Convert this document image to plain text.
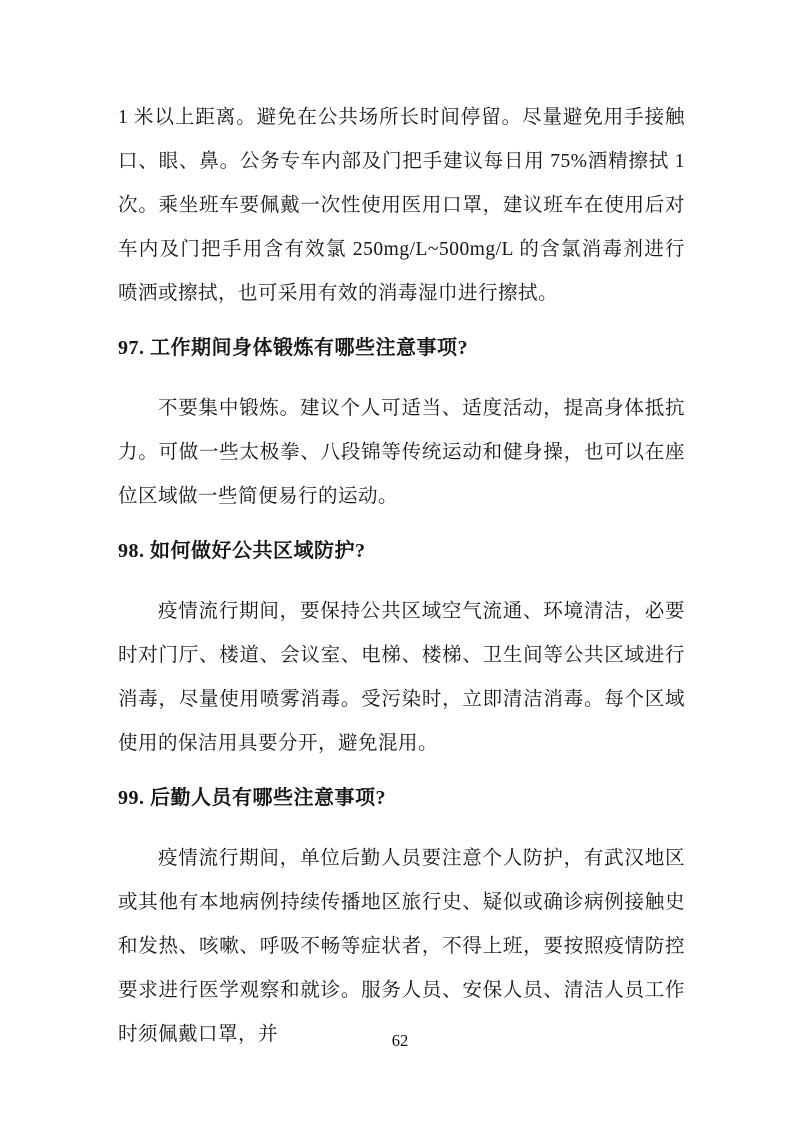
1 米以上距离。避免在公共场所长时间停留。尽量避免用手接触口、眼、鼻。公务专车内部及门把手建议每日用 75%酒精擦拭 1 次。乘坐班车要佩戴一次性使用医用口罩，建议班车在使用后对车内及门把手用含有效氯 250mg/L~500mg/L 的含氯消毒剂进行喷洒或擦拭，也可采用有效的消毒湿巾进行擦拭。

97. 工作期间身体锻炼有哪些注意事项?

不要集中锻炼。建议个人可适当、适度活动，提高身体抵抗力。可做一些太极拳、八段锦等传统运动和健身操，也可以在座位区域做一些简便易行的运动。

98. 如何做好公共区域防护?

疫情流行期间，要保持公共区域空气流通、环境清洁，必要时对门厅、楼道、会议室、电梯、楼梯、卫生间等公共区域进行消毒，尽量使用喷雾消毒。受污染时，立即清洁消毒。每个区域使用的保洁用具要分开，避免混用。

99. 后勤人员有哪些注意事项?

疫情流行期间，单位后勤人员要注意个人防护，有武汉地区或其他有本地病例持续传播地区旅行史、疑似或确诊病例接触史和发热、咳嗽、呼吸不畅等症状者，不得上班，要按照疫情防控要求进行医学观察和就诊。服务人员、安保人员、清洁人员工作时须佩戴口罩，并	62
